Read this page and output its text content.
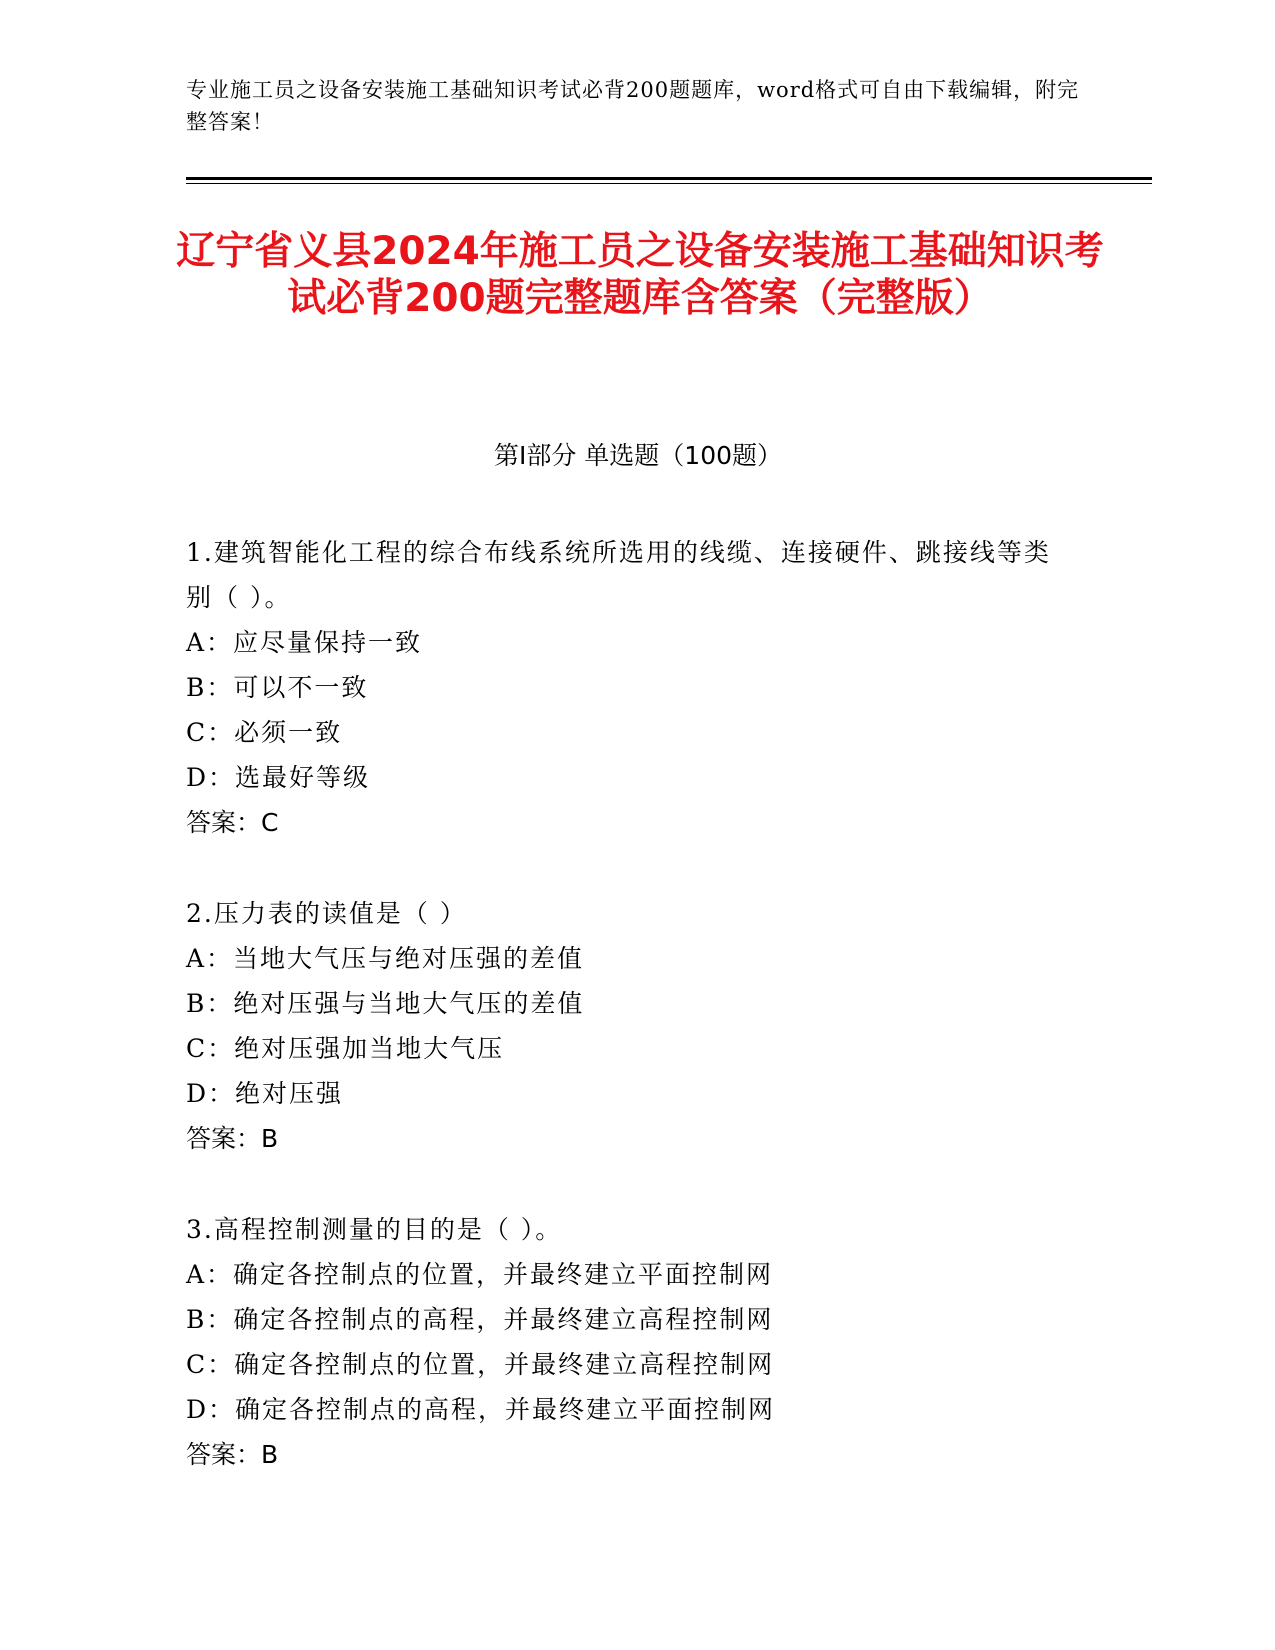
专业施工员之设备安装施工基础知识考试必背200题题库，word格式可自由下载编辑，附完整答案！
辽宁省义县2024年施工员之设备安装施工基础知识考试必背200题完整题库含答案（完整版）
第Ⅰ部分 单选题（100题）

1.建筑智能化工程的综合布线系统所选用的线缆、连接硬件、跳接线等类别（ ）。

A：应尽量保持一致

B：可以不一致

C：必须一致

D：选最好等级

答案：C

2.压力表的读值是（ ）

A：当地大气压与绝对压强的差值

B：绝对压强与当地大气压的差值

C：绝对压强加当地大气压

D：绝对压强

答案：B

3.高程控制测量的目的是（ ）。

A：确定各控制点的位置，并最终建立平面控制网

B：确定各控制点的高程，并最终建立高程控制网

C：确定各控制点的位置，并最终建立高程控制网

D：确定各控制点的高程，并最终建立平面控制网

答案：B
